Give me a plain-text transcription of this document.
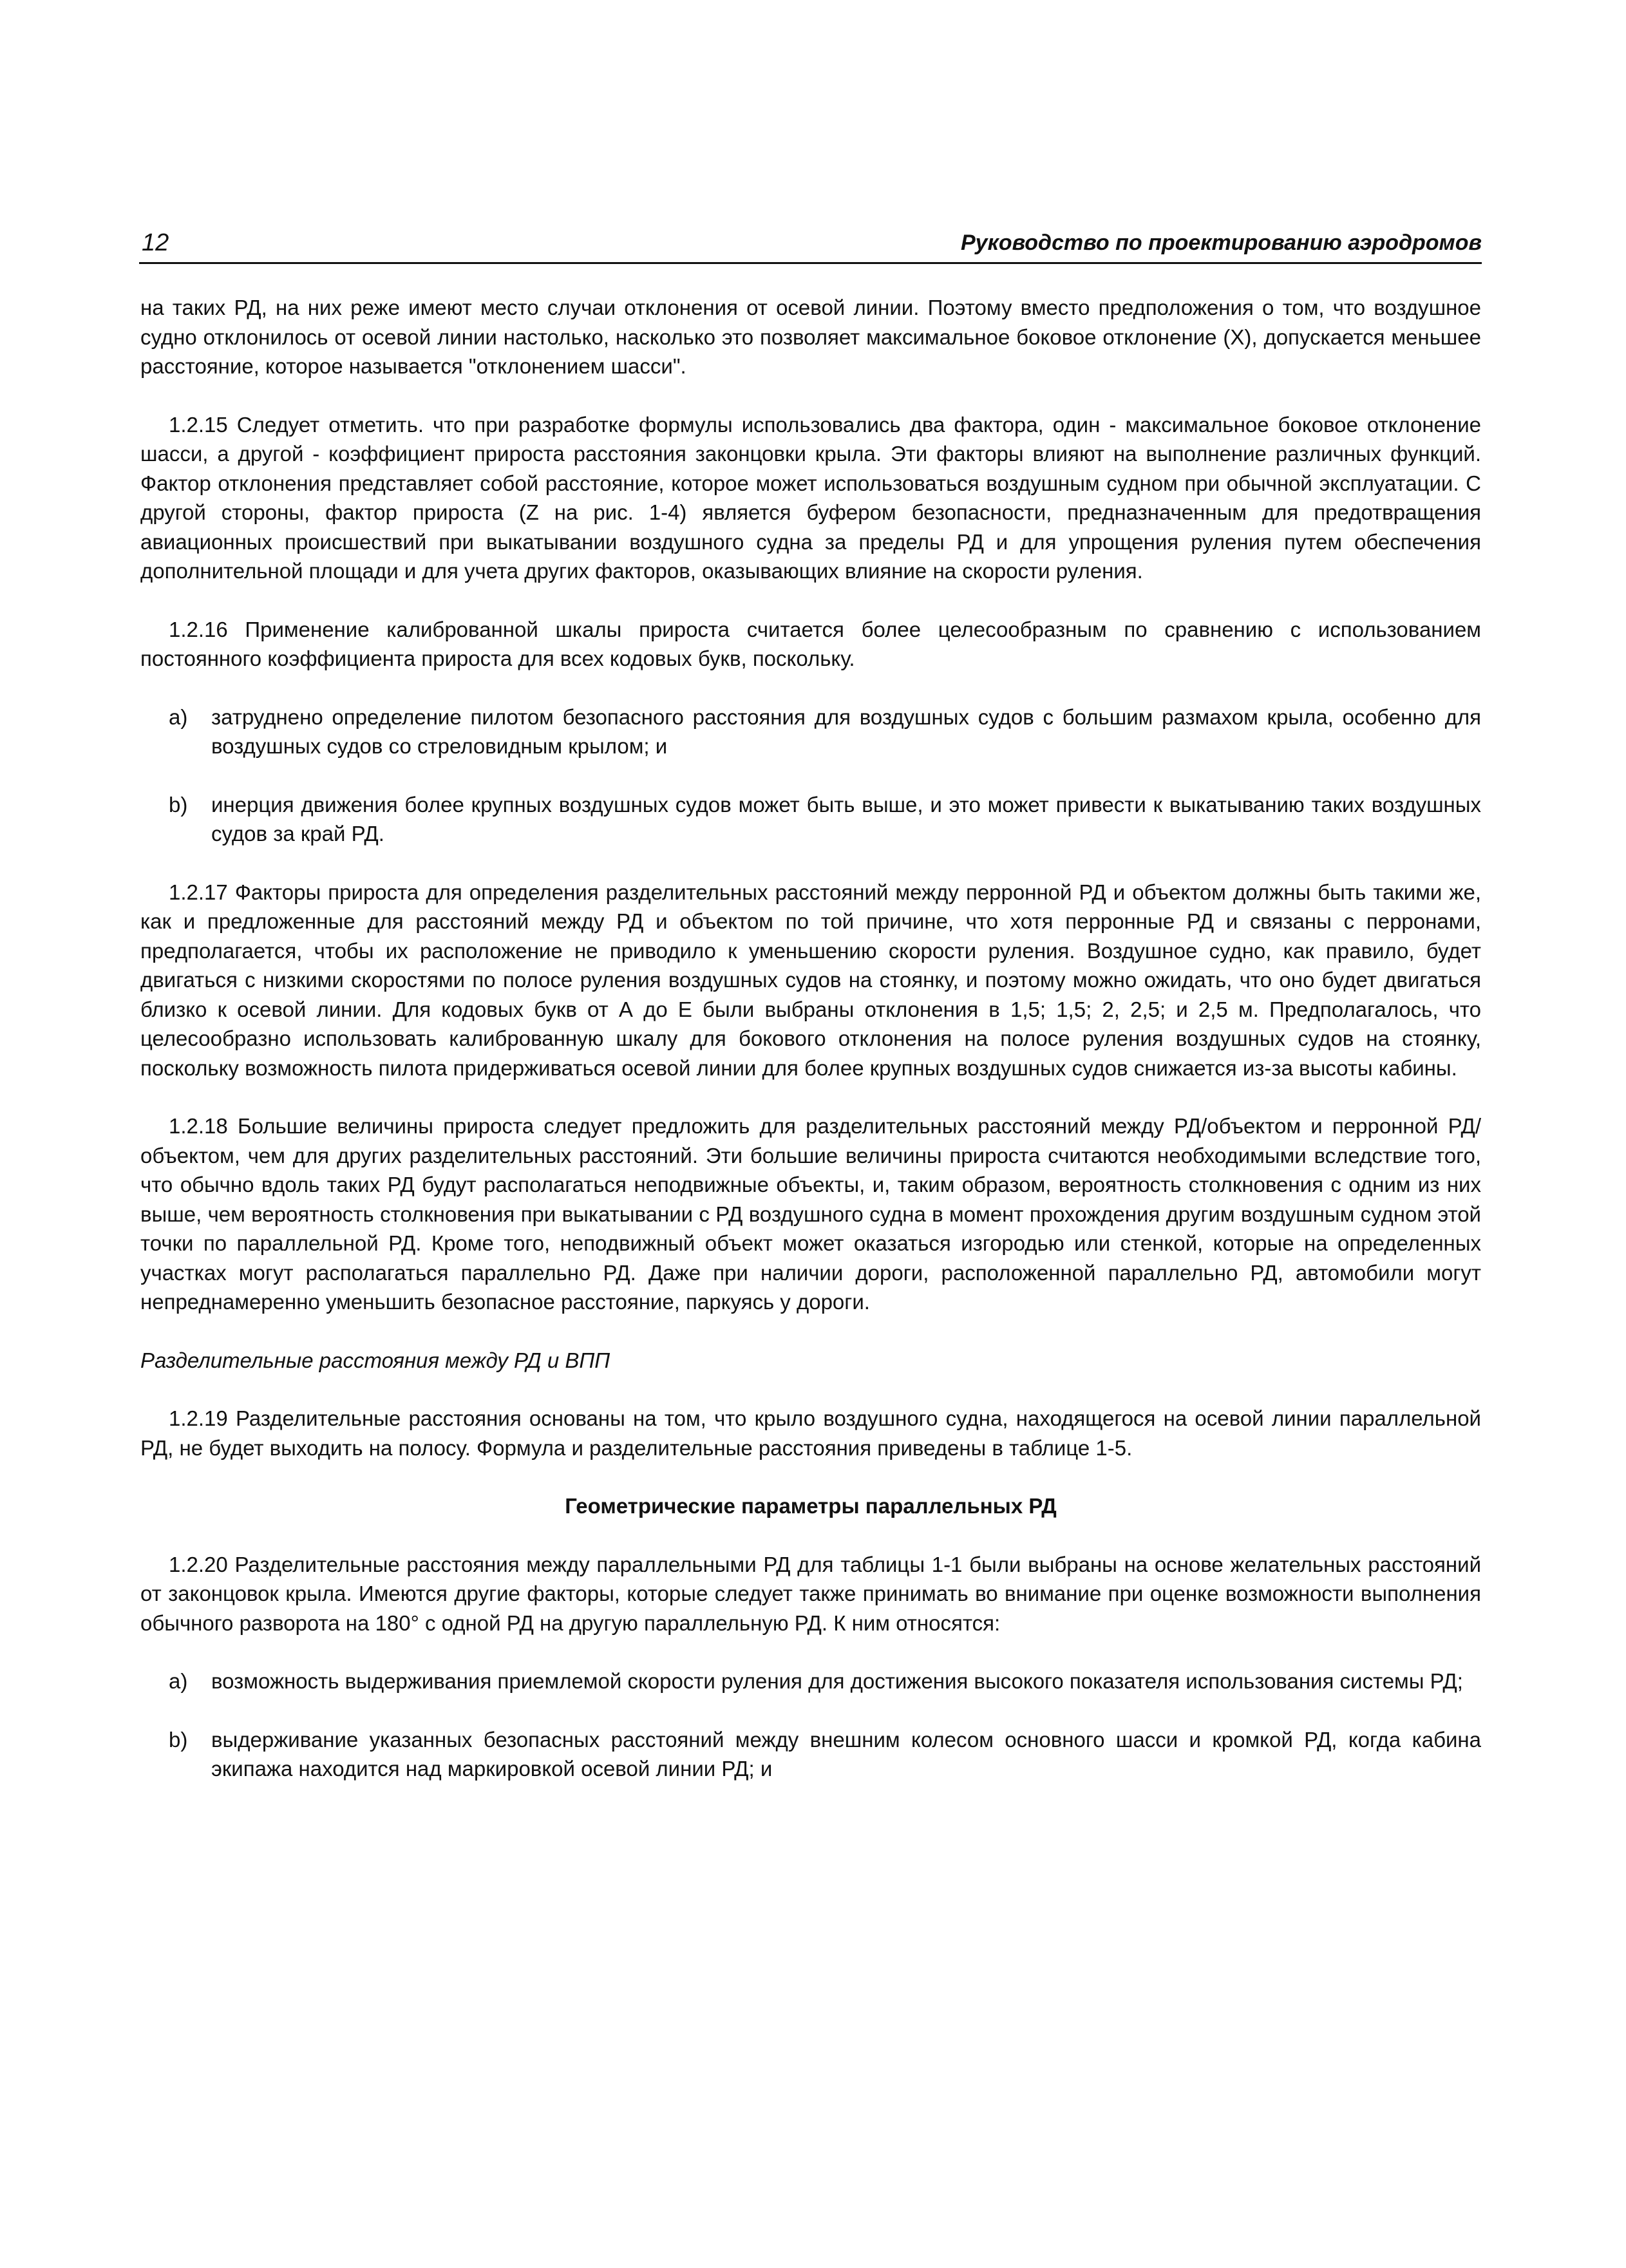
12	Руководство по проектированию аэродромов

на таких РД, на них реже имеют место случаи отклонения от осевой линии. Поэтому вместо предположения о том, что воздушное судно отклонилось от осевой линии настолько, насколько это позволяет максимальное боковое отклонение (X), допускается меньшее расстояние, которое называется "отклонением шасси".

1.2.15 Следует отметить. что при разработке формулы использовались два фактора, один - максимальное боковое отклонение шасси, а другой - коэффициент прироста расстояния законцовки крыла. Эти факторы влияют на выполнение различных функций. Фактор отклонения представляет собой расстояние, которое может использоваться воздушным судном при обычной эксплуатации. С другой стороны, фактор прироста (Z на рис. 1-4) является буфером безопасности, предназначенным для предотвращения авиационных происшествий при выкатывании воздушного судна за пределы РД и для упрощения руления путем обеспечения дополнительной площади и для учета других факторов, оказывающих влияние на скорости руления.

1.2.16 Применение калиброванной шкалы прироста считается более целесообразным по сравнению с использованием постоянного коэффициента прироста для всех кодовых букв, поскольку.

a)	затруднено определение пилотом безопасного расстояния для воздушных судов с большим размахом крыла, особенно для воздушных судов со стреловидным крылом; и
b)	инерция движения более крупных воздушных судов может быть выше, и это может привести к выкатыванию таких воздушных судов за край РД.

1.2.17 Факторы прироста для определения разделительных расстояний между перронной РД и объектом должны быть такими же, как и предложенные для расстояний между РД и объектом по той причине, что хотя перронные РД и связаны с перронами, предполагается, чтобы их расположение не приводило к уменьшению скорости руления. Воздушное судно, как правило, будет двигаться с низкими скоростями по полосе руления воздушных судов на стоянку, и поэтому можно ожидать, что оно будет двигаться близко к осевой линии. Для кодовых букв от А до Е были выбраны отклонения в 1,5; 1,5; 2, 2,5; и 2,5 м. Предполагалось, что целесообразно использовать калиброванную шкалу для бокового отклонения на полосе руления воздушных судов на стоянку, поскольку возможность пилота придерживаться осевой линии для более крупных воздушных судов снижается из-за высоты кабины.

1.2.18 Большие величины прироста следует предложить для разделительных расстояний между РД/объектом и перронной РД/объектом, чем для других разделительных расстояний. Эти большие величины прироста считаются необходимыми вследствие того, что обычно вдоль таких РД будут располагаться неподвижные объекты, и, таким образом, вероятность столкновения с одним из них выше, чем вероятность столкновения при выкатывании с РД воздушного судна в момент прохождения другим воздушным судном этой точки по параллельной РД. Кроме того, неподвижный объект может оказаться изгородью или стенкой, которые на определенных участках могут располагаться параллельно РД. Даже при наличии дороги, расположенной параллельно РД, автомобили могут непреднамеренно уменьшить безопасное расстояние, паркуясь у дороги.

Разделительные расстояния между РД и ВПП

1.2.19 Разделительные расстояния основаны на том, что крыло воздушного судна, находящегося на осевой линии параллельной РД, не будет выходить на полосу. Формула и разделительные расстояния приведены в таблице 1-5.

Геометрические параметры параллельных РД

1.2.20 Разделительные расстояния между параллельными РД для таблицы 1-1 были выбраны на основе желательных расстояний от законцовок крыла. Имеются другие факторы, которые следует также принимать во внимание при оценке возможности выполнения обычного разворота на 180° с одной РД на другую параллельную РД. К ним относятся:

a)	возможность выдерживания приемлемой скорости руления для достижения высокого показателя использования системы РД;
b)	выдерживание указанных безопасных расстояний между внешним колесом основного шасси и кромкой РД, когда кабина экипажа находится над маркировкой осевой линии РД; и
